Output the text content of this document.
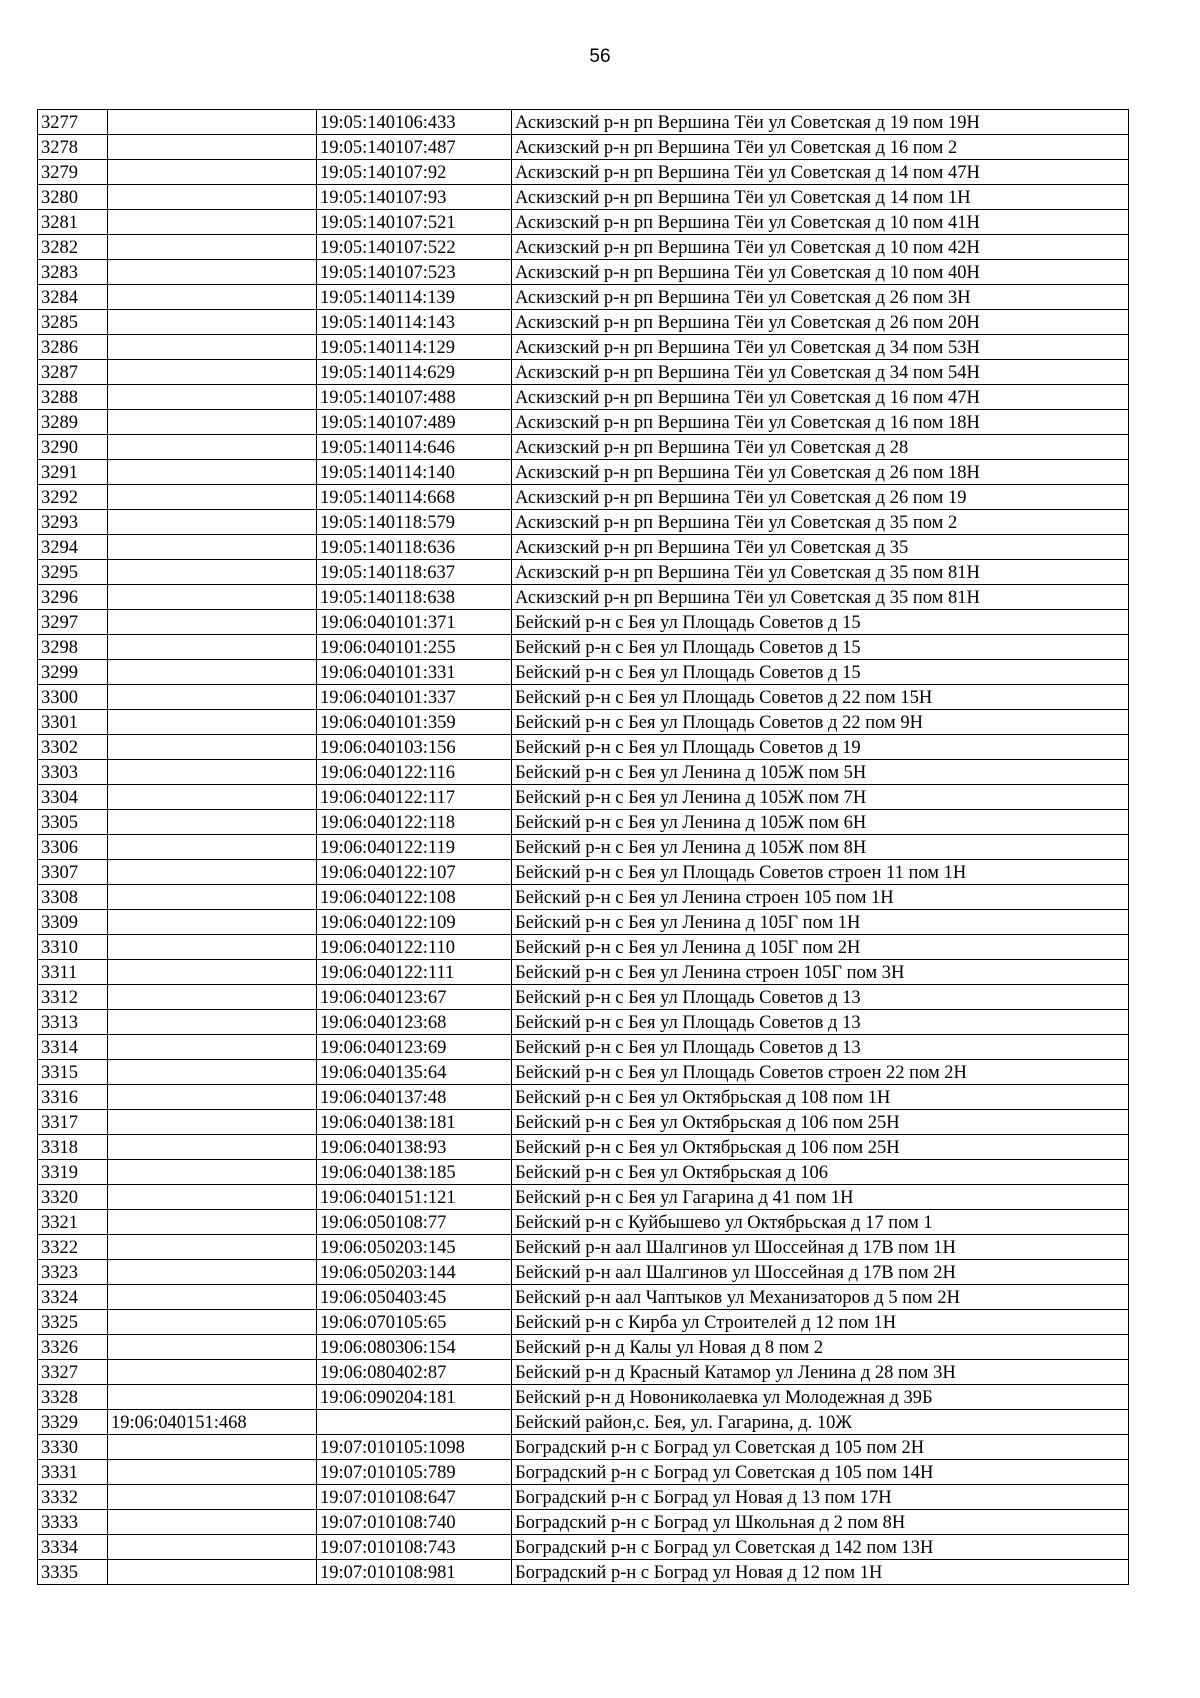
56
3277		19:05:140106:433	Аскизский р-н рп Вершина Тёи ул Советская д 19 пом 19Н
3278		19:05:140107:487	Аскизский р-н рп Вершина Тёи ул Советская д 16 пом 2
3279		19:05:140107:92	Аскизский р-н рп Вершина Тёи ул Советская д 14 пом 47Н
3280		19:05:140107:93	Аскизский р-н рп Вершина Тёи ул Советская д 14 пом 1Н
3281		19:05:140107:521	Аскизский р-н рп Вершина Тёи ул Советская д 10 пом 41Н
3282		19:05:140107:522	Аскизский р-н рп Вершина Тёи ул Советская д 10 пом 42Н
3283		19:05:140107:523	Аскизский р-н рп Вершина Тёи ул Советская д 10 пом 40Н
3284		19:05:140114:139	Аскизский р-н рп Вершина Тёи ул Советская д 26 пом 3Н
3285		19:05:140114:143	Аскизский р-н рп Вершина Тёи ул Советская д 26 пом 20Н
3286		19:05:140114:129	Аскизский р-н рп Вершина Тёи ул Советская д 34 пом 53Н
3287		19:05:140114:629	Аскизский р-н рп Вершина Тёи ул Советская д 34 пом 54Н
3288		19:05:140107:488	Аскизский р-н рп Вершина Тёи ул Советская д 16 пом 47Н
3289		19:05:140107:489	Аскизский р-н рп Вершина Тёи ул Советская д 16 пом 18Н
3290		19:05:140114:646	Аскизский р-н рп Вершина Тёи ул Советская д 28
3291		19:05:140114:140	Аскизский р-н рп Вершина Тёи ул Советская д 26 пом 18Н
3292		19:05:140114:668	Аскизский р-н рп Вершина Тёи ул Советская д 26 пом 19
3293		19:05:140118:579	Аскизский р-н рп Вершина Тёи ул Советская д 35 пом 2
3294		19:05:140118:636	Аскизский р-н рп Вершина Тёи ул Советская д 35
3295		19:05:140118:637	Аскизский р-н рп Вершина Тёи ул Советская д 35 пом 81Н
3296		19:05:140118:638	Аскизский р-н рп Вершина Тёи ул Советская д 35 пом 81Н
3297		19:06:040101:371	Бейский р-н с Бея ул Площадь Советов д 15
3298		19:06:040101:255	Бейский р-н с Бея ул Площадь Советов д 15
3299		19:06:040101:331	Бейский р-н с Бея ул Площадь Советов д 15
3300		19:06:040101:337	Бейский р-н с Бея ул Площадь Советов д 22 пом 15Н
3301		19:06:040101:359	Бейский р-н с Бея ул Площадь Советов д 22 пом 9Н
3302		19:06:040103:156	Бейский р-н с Бея ул Площадь Советов д 19
3303		19:06:040122:116	Бейский р-н с Бея ул Ленина д 105Ж пом 5Н
3304		19:06:040122:117	Бейский р-н с Бея ул Ленина д 105Ж пом 7Н
3305		19:06:040122:118	Бейский р-н с Бея ул Ленина д 105Ж пом 6Н
3306		19:06:040122:119	Бейский р-н с Бея ул Ленина д 105Ж пом 8Н
3307		19:06:040122:107	Бейский р-н с Бея ул Площадь Советов строен 11 пом 1Н
3308		19:06:040122:108	Бейский р-н с Бея ул Ленина строен 105 пом 1Н
3309		19:06:040122:109	Бейский р-н с Бея ул Ленина д 105Г пом 1Н
3310		19:06:040122:110	Бейский р-н с Бея ул Ленина д 105Г пом 2Н
3311		19:06:040122:111	Бейский р-н с Бея ул Ленина строен 105Г пом 3Н
3312		19:06:040123:67	Бейский р-н с Бея ул Площадь Советов д 13
3313		19:06:040123:68	Бейский р-н с Бея ул Площадь Советов д 13
3314		19:06:040123:69	Бейский р-н с Бея ул Площадь Советов д 13
3315		19:06:040135:64	Бейский р-н с Бея ул Площадь Советов строен 22 пом 2Н
3316		19:06:040137:48	Бейский р-н с Бея ул Октябрьская д 108 пом 1Н
3317		19:06:040138:181	Бейский р-н с Бея ул Октябрьская д 106 пом 25Н
3318		19:06:040138:93	Бейский р-н с Бея ул Октябрьская д 106 пом 25Н
3319		19:06:040138:185	Бейский р-н с Бея ул Октябрьская д 106
3320		19:06:040151:121	Бейский р-н с Бея ул Гагарина д 41 пом 1Н
3321		19:06:050108:77	Бейский р-н с Куйбышево ул Октябрьская д 17 пом 1
3322		19:06:050203:145	Бейский р-н аал Шалгинов ул Шоссейная д 17В пом 1Н
3323		19:06:050203:144	Бейский р-н аал Шалгинов ул Шоссейная д 17В пом 2Н
3324		19:06:050403:45	Бейский р-н аал Чаптыков ул Механизаторов д 5 пом 2Н
3325		19:06:070105:65	Бейский р-н с Кирба ул Строителей д 12 пом 1Н
3326		19:06:080306:154	Бейский р-н д Калы ул Новая д 8 пом 2
3327		19:06:080402:87	Бейский р-н д Красный Катамор ул Ленина д 28 пом 3Н
3328		19:06:090204:181	Бейский р-н д Новониколаевка ул Молодежная д 39Б
3329	19:06:040151:468		Бейский район,с. Бея, ул. Гагарина, д. 10Ж
3330		19:07:010105:1098	Боградский р-н с Боград ул Советская д 105 пом 2Н
3331		19:07:010105:789	Боградский р-н с Боград ул Советская д 105 пом 14Н
3332		19:07:010108:647	Боградский р-н с Боград ул Новая д 13 пом 17Н
3333		19:07:010108:740	Боградский р-н с Боград ул Школьная д 2 пом 8Н
3334		19:07:010108:743	Боградский р-н с Боград ул Советская д 142 пом 13Н
3335		19:07:010108:981	Боградский р-н с Боград ул Новая д 12 пом 1Н
